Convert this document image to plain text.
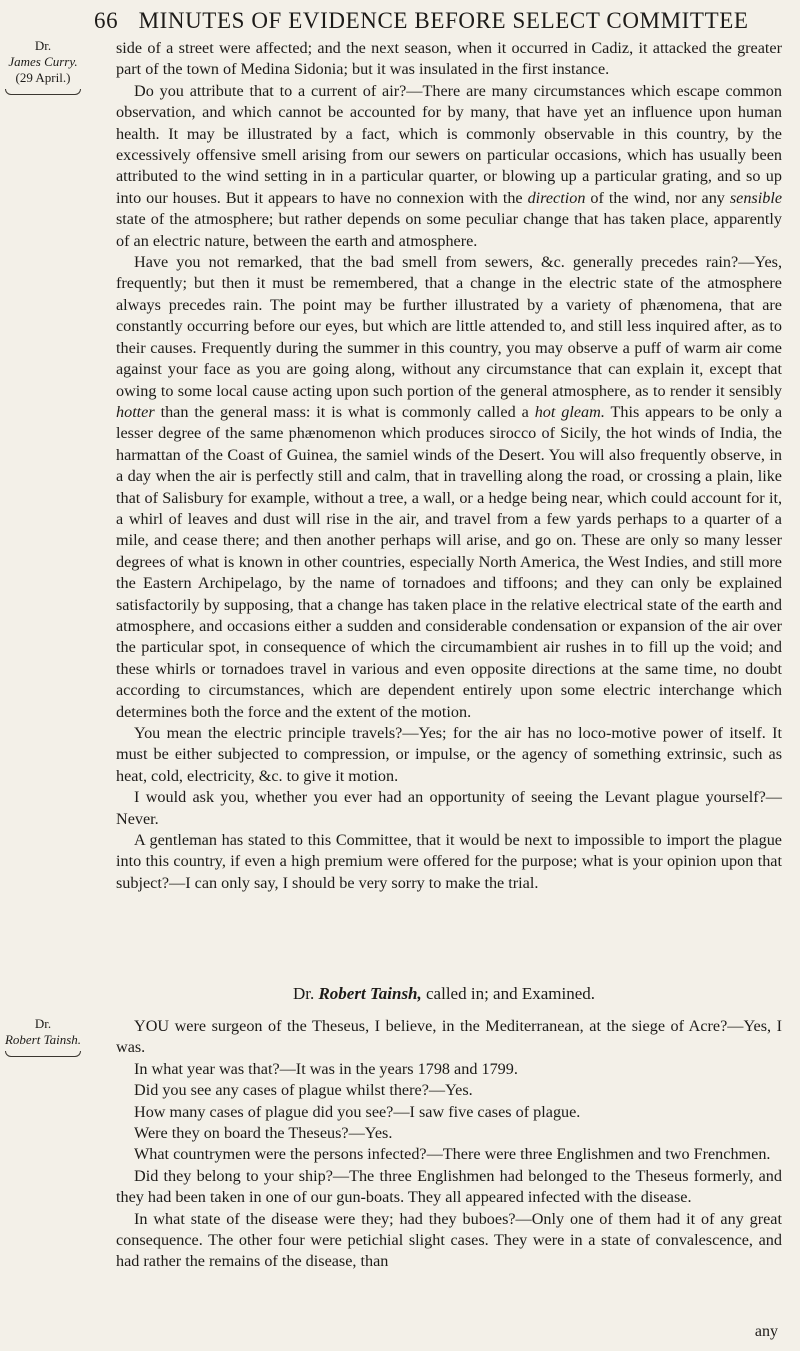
66 MINUTES OF EVIDENCE BEFORE SELECT COMMITTEE
Dr.
James Curry.
(29 April.)

side of a street were affected; and the next season, when it occurred in Cadiz, it attacked the greater part of the town of Medina Sidonia; but it was insulated in the first instance.

Do you attribute that to a current of air?—There are many circumstances which escape common observation, and which cannot be accounted for by many, that have yet an influence upon human health. It may be illustrated by a fact, which is commonly observable in this country, by the excessively offensive smell arising from our sewers on particular occasions, which has usually been attributed to the wind setting in in a particular quarter, or blowing up a particular grating, and so up into our houses. But it appears to have no connexion with the direction of the wind, nor any sensible state of the atmosphere; but rather depends on some peculiar change that has taken place, apparently of an electric nature, between the earth and atmosphere.

Have you not remarked, that the bad smell from sewers, &c. generally precedes rain?—Yes, frequently; but then it must be remembered, that a change in the electric state of the atmosphere always precedes rain. The point may be further illustrated by a variety of phænomena, that are constantly occurring before our eyes, but which are little attended to, and still less inquired after, as to their causes. Frequently during the summer in this country, you may observe a puff of warm air come against your face as you are going along, without any circumstance that can explain it, except that owing to some local cause acting upon such portion of the general atmosphere, as to render it sensibly hotter than the general mass: it is what is commonly called a hot gleam. This appears to be only a lesser degree of the same phænomenon which produces sirocco of Sicily, the hot winds of India, the harmattan of the Coast of Guinea, the samiel winds of the Desert. You will also frequently observe, in a day when the air is perfectly still and calm, that in travelling along the road, or crossing a plain, like that of Salisbury for example, without a tree, a wall, or a hedge being near, which could account for it, a whirl of leaves and dust will rise in the air, and travel from a few yards perhaps to a quarter of a mile, and cease there; and then another perhaps will arise, and go on. These are only so many lesser degrees of what is known in other countries, especially North America, the West Indies, and still more the Eastern Archipelago, by the name of tornadoes and tiffoons; and they can only be explained satisfactorily by supposing, that a change has taken place in the relative electrical state of the earth and atmosphere, and occasions either a sudden and considerable condensation or expansion of the air over the particular spot, in consequence of which the circumambient air rushes in to fill up the void; and these whirls or tornadoes travel in various and even opposite directions at the same time, no doubt according to circumstances, which are dependent entirely upon some electric interchange which determines both the force and the extent of the motion.

You mean the electric principle travels?—Yes; for the air has no loco-motive power of itself. It must be either subjected to compression, or impulse, or the agency of something extrinsic, such as heat, cold, electricity, &c. to give it motion.

I would ask you, whether you ever had an opportunity of seeing the Levant plague yourself?—Never.

A gentleman has stated to this Committee, that it would be next to impossible to import the plague into this country, if even a high premium were offered for the purpose; what is your opinion upon that subject?—I can only say, I should be very sorry to make the trial.

Dr. Robert Tainsh, called in; and Examined.
Dr.
Robert Tainsh.

YOU were surgeon of the Theseus, I believe, in the Mediterranean, at the siege of Acre?—Yes, I was.

In what year was that?—It was in the years 1798 and 1799.

Did you see any cases of plague whilst there?—Yes.

How many cases of plague did you see?—I saw five cases of plague.

Were they on board the Theseus?—Yes.

What countrymen were the persons infected?—There were three Englishmen and two Frenchmen.

Did they belong to your ship?—The three Englishmen had belonged to the Theseus formerly, and they had been taken in one of our gun-boats. They all appeared infected with the disease.

In what state of the disease were they; had they buboes?—Only one of them had it of any great consequence. The other four were petichial slight cases. They were in a state of convalescence, and had rather the remains of the disease, than

any
